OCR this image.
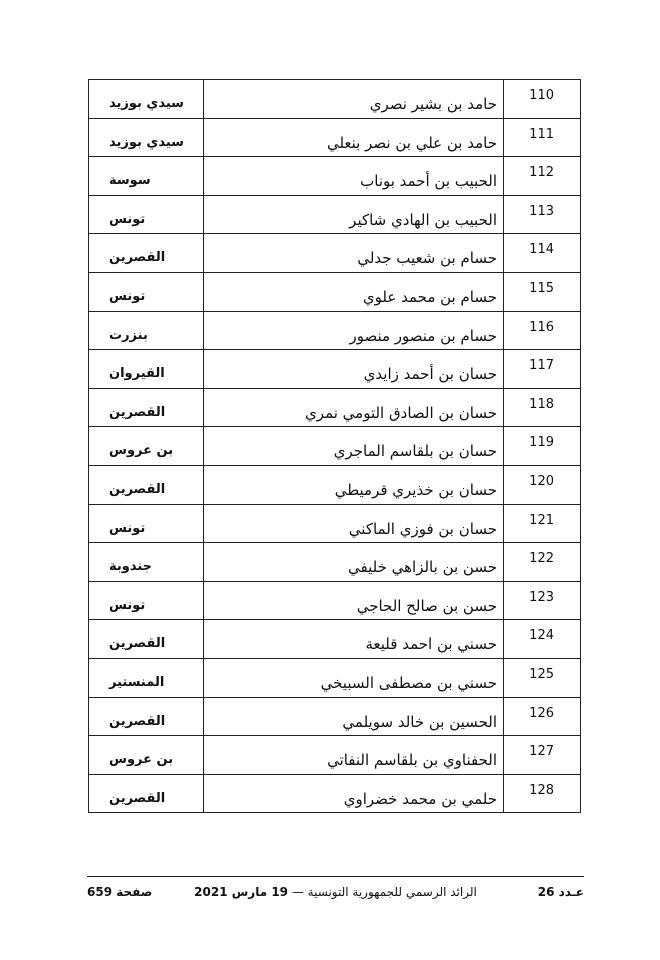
110	حامد بن بشير نصري	سيدي بوزيد
111	حامد بن علي بن نصر بنعلي	سيدي بوزيد
112	الحبيب بن أحمد بوناب	سوسة
113	الحبيب بن الهادي شاكير	تونس
114	حسام بن شعيب جدلي	القصرين
115	حسام بن محمد علوي	تونس
116	حسام بن منصور منصور	بنزرت
117	حسان بن أحمد زايدي	القيروان
118	حسان بن الصادق التومي نمري	القصرين
119	حسان بن بلقاسم الماجري	بن عروس
120	حسان بن خذيري قرميطي	القصرين
121	حسان بن فوزي الماكني	تونس
122	حسن بن بالزاهي خليفي	جندوبة
123	حسن بن صالح الحاجي	تونس
124	حسني بن احمد قليعة	القصرين
125	حسني بن مصطفى السبيخي	المنستير
126	الحسين بن خالد سويلمي	القصرين
127	الحفناوي بن بلقاسم النفاتي	بن عروس
128	حلمي بن محمد خضراوي	القصرين
عـدد 26
الرائد الرسمي للجمهورية التونسية — 19 مارس 2021
صفحة 659
